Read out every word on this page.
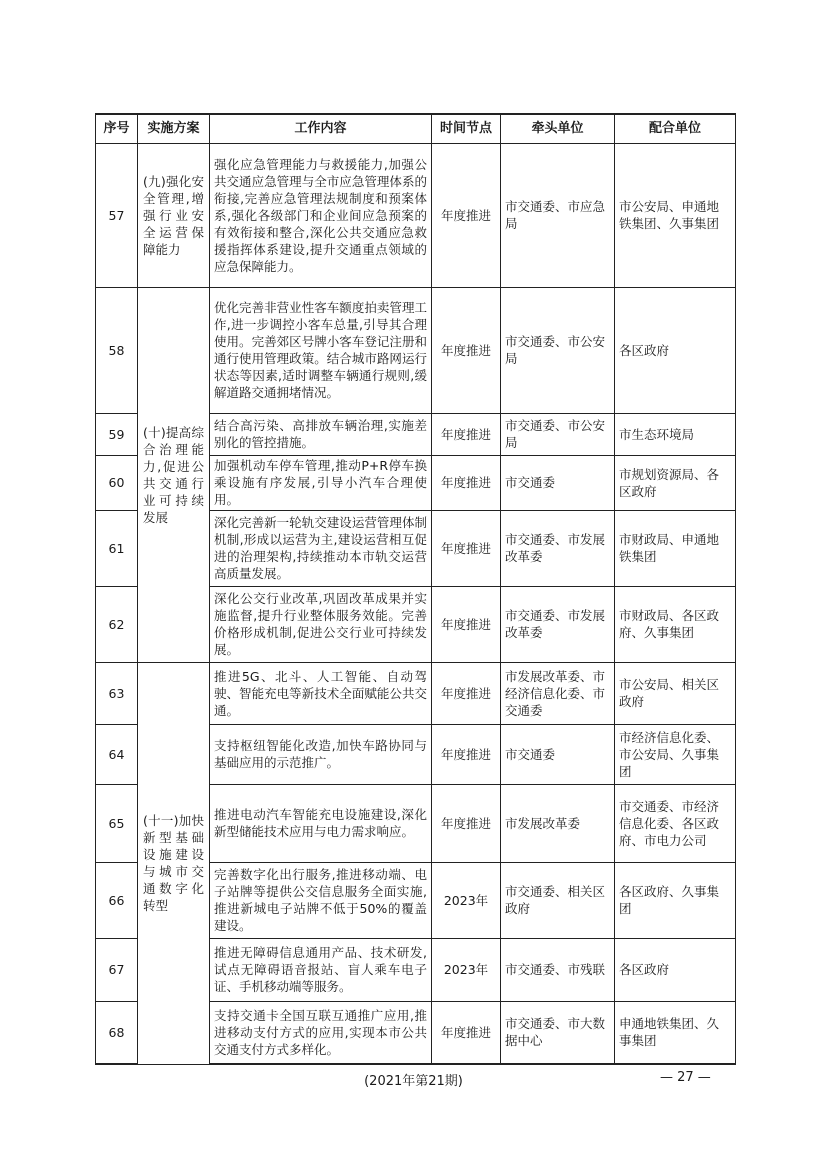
序号	实施方案	工作内容	时间节点	牵头单位	配合单位
57	(九)强化安全管理,增强行业安全运营保障能力	强化应急管理能力与救援能力,加强公共交通应急管理与全市应急管理体系的衔接,完善应急管理法规制度和预案体系,强化各级部门和企业间应急预案的有效衔接和整合,深化公共交通应急救援指挥体系建设,提升交通重点领域的应急保障能力。	年度推进	市交通委、市应急局	市公安局、申通地铁集团、久事集团
58	(十)提高综合治理能力,促进公共交通行业可持续发展	优化完善非营业性客车额度拍卖管理工作,进一步调控小客车总量,引导其合理使用。完善郊区号牌小客车登记注册和通行使用管理政策。结合城市路网运行状态等因素,适时调整车辆通行规则,缓解道路交通拥堵情况。	年度推进	市交通委、市公安局	各区政府
59		结合高污染、高排放车辆治理,实施差别化的管控措施。	年度推进	市交通委、市公安局	市生态环境局
60		加强机动车停车管理,推动P+R停车换乘设施有序发展,引导小汽车合理使用。	年度推进	市交通委	市规划资源局、各区政府
61		深化完善新一轮轨交建设运营管理体制机制,形成以运营为主,建设运营相互促进的治理架构,持续推动本市轨交运营高质量发展。	年度推进	市交通委、市发展改革委	市财政局、申通地铁集团
62		深化公交行业改革,巩固改革成果并实施监督,提升行业整体服务效能。完善价格形成机制,促进公交行业可持续发展。	年度推进	市交通委、市发展改革委	市财政局、各区政府、久事集团
63	(十一)加快新型基础设施建设与城市交通数字化转型	推进5G、北斗、人工智能、自动驾驶、智能充电等新技术全面赋能公共交通。	年度推进	市发展改革委、市经济信息化委、市交通委	市公安局、相关区政府
64		支持枢纽智能化改造,加快车路协同与基础应用的示范推广。	年度推进	市交通委	市经济信息化委、市公安局、久事集团
65		推进电动汽车智能充电设施建设,深化新型储能技术应用与电力需求响应。	年度推进	市发展改革委	市交通委、市经济信息化委、各区政府、市电力公司
66		完善数字化出行服务,推进移动端、电子站牌等提供公交信息服务全面实施,推进新城电子站牌不低于50%的覆盖建设。	2023年	市交通委、相关区政府	各区政府、久事集团
67		推进无障碍信息通用产品、技术研发,试点无障碍语音报站、盲人乘车电子证、手机移动端等服务。	2023年	市交通委、市残联	各区政府
68		支持交通卡全国互联互通推广应用,推进移动支付方式的应用,实现本市公共交通支付方式多样化。	年度推进	市交通委、市大数据中心	申通地铁集团、久事集团
(2021年第21期)	— 27 —
